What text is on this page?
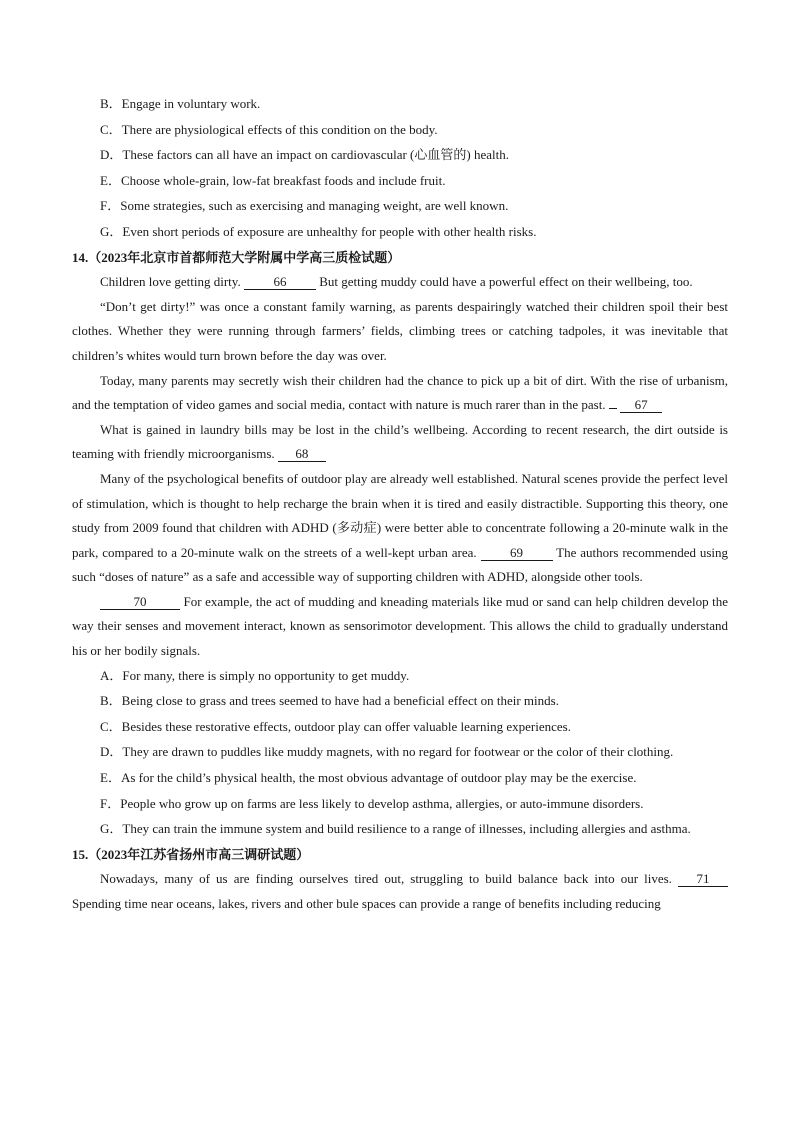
B．Engage in voluntary work.

C．There are physiological effects of this condition on the body.

D．These factors can all have an impact on cardiovascular (心血管的) health.

E．Choose whole-grain, low-fat breakfast foods and include fruit.

F．Some strategies, such as exercising and managing weight, are well known.

G．Even short periods of exposure are unhealthy for people with other health risks.

14.（2023年北京市首都师范大学附属中学高三质检试题）

Children love getting dirty.	66	But getting muddy could have a powerful effect on their wellbeing, too.

“Don’t get dirty!” was once a constant family warning, as parents despairingly watched their children spoil their best clothes. Whether they were running through farmers’ fields, climbing trees or catching tadpoles, it was inevitable that children’s whites would turn brown before the day was over.

Today, many parents may secretly wish their children had the chance to pick up a bit of dirt. With the rise of urbanism, and the temptation of video games and social media, contact with nature is much rarer than in the past. 67

What is gained in laundry bills may be lost in the child’s wellbeing. According to recent research, the dirt outside is teaming with friendly microorganisms. 68

Many of the psychological benefits of outdoor play are already well established. Natural scenes provide the perfect level of stimulation, which is thought to help recharge the brain when it is tired and easily distractible. Supporting this theory, one study from 2009 found that children with ADHD (多动症) were better able to concentrate following a 20-minute walk in the park, compared to a 20-minute walk on the streets of a well-kept urban area.	69	The authors recommended using such “doses of nature” as a safe and accessible way of supporting children with ADHD, alongside other tools.

70	For example, the act of mudding and kneading materials like mud or sand can help children develop the way their senses and movement interact, known as sensorimotor development. This allows the child to gradually understand his or her bodily signals.

A．For many, there is simply no opportunity to get muddy.

B．Being close to grass and trees seemed to have had a beneficial effect on their minds.

C．Besides these restorative effects, outdoor play can offer valuable learning experiences.

D．They are drawn to puddles like muddy magnets, with no regard for footwear or the color of their clothing.

E．As for the child’s physical health, the most obvious advantage of outdoor play may be the exercise.

F．People who grow up on farms are less likely to develop asthma, allergies, or auto-immune disorders.

G．They can train the immune system and build resilience to a range of illnesses, including allergies and asthma.

15.（2023年江苏省扬州市高三调研试题）

Nowadays, many of us are finding ourselves tired out, struggling to build balance back into our lives. 71 Spending time near oceans, lakes, rivers and other bule spaces can provide a range of benefits including reducing
